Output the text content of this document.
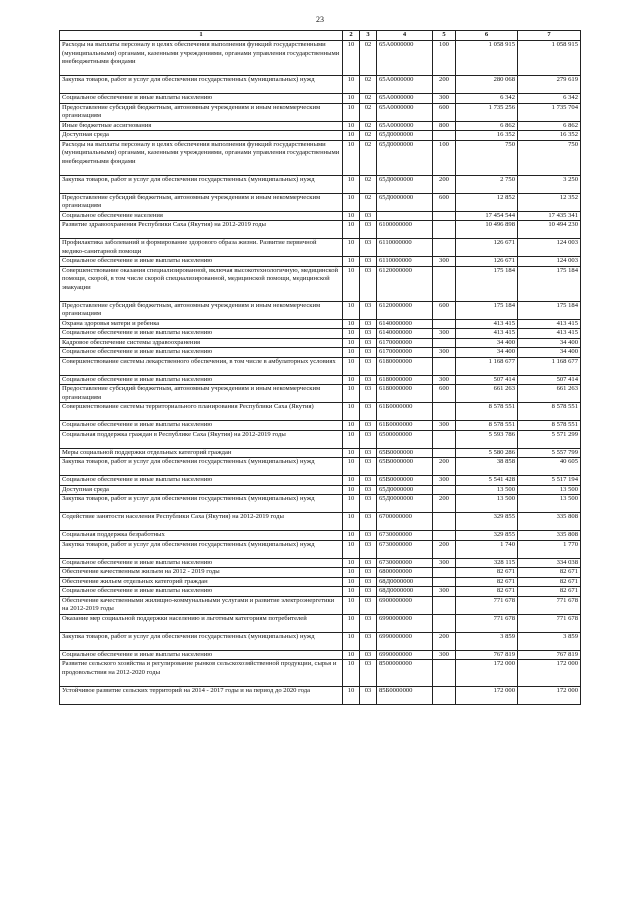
23
1	2	3	4	5	6	7
Расходы на выплаты персоналу в целях обеспечения выполнения функций государственными (муниципальными) органами, казенными учреждениями, органами управления государственными внебюджетными фондами	10	02	65А0000000	100	1 058 915	1 058 915
Закупка товаров, работ и услуг для обеспечения государственных (муниципальных) нужд	10	02	65А0000000	200	280 068	279 619
Социальное обеспечение и иные выплаты населению	10	02	65А0000000	300	6 342	6 342
Предоставление субсидий бюджетным, автономным учреждениям и иным некоммерческим организациям	10	02	65А0000000	600	1 735 256	1 735 704
Иные бюджетные ассигнования	10	02	65А0000000	800	6 862	6 862
Доступная среда	10	02	65Д0000000		16 352	16 352
Расходы на выплаты персоналу в целях обеспечения выполнения функций государственными (муниципальными) органами, казенными учреждениями, органами управления государственными внебюджетными фондами	10	02	65Д0000000	100	750	750
Закупка товаров, работ и услуг для обеспечения государственных (муниципальных) нужд	10	02	65Д0000000	200	2 750	3 250
Предоставление субсидий бюджетным, автономным учреждениям и иным некоммерческим организациям	10	02	65Д0000000	600	12 852	12 352
Социальное обеспечение населения	10	03			17 454 544	17 435 341
Развитие здравоохранения Республики Саха (Якутия) на 2012-2019 годы	10	03	6100000000		10 496 898	10 494 230
Профилактика заболеваний и формирование здорового образа жизни. Развитие первичной медико-санитарной помощи	10	03	6110000000		126 671	124 003
Социальное обеспечение и иные выплаты населению	10	03	6110000000	300	126 671	124 003
Совершенствование оказания специализированной, включая высокотехнологичную, медицинской помощи, скорой, в том числе скорой специализированной, медицинской помощи, медицинской эвакуации	10	03	6120000000		175 184	175 184
Предоставление субсидий бюджетным, автономным учреждениям и иным некоммерческим организациям	10	03	6120000000	600	175 184	175 184
Охрана здоровья матери и ребенка	10	03	6140000000		413 415	413 415
Социальное обеспечение и иные выплаты населению	10	03	6140000000	300	413 415	413 415
Кадровое обеспечение системы здравоохранения	10	03	6170000000		34 400	34 400
Социальное обеспечение и иные выплаты населению	10	03	6170000000	300	34 400	34 400
Совершенствование системы лекарственного обеспечения, в том числе в амбулаторных условиях	10	03	6180000000		1 168 677	1 168 677
Социальное обеспечение и иные выплаты населению	10	03	6180000000	300	507 414	507 414
Предоставление субсидий бюджетным, автономным учреждениям и иным некоммерческим организациям	10	03	6180000000	600	661 263	661 263
Совершенствование системы территориального планирования Республики Саха (Якутия)	10	03	61Б0000000		8 578 551	8 578 551
Социальное обеспечение и иные выплаты населению	10	03	61Б0000000	300	8 578 551	8 578 551
Социальная поддержка граждан в Республике Саха (Якутия) на 2012-2019 годы	10	03	6500000000		5 593 786	5 571 299
Меры социальной поддержки отдельных категорий граждан	10	03	65В0000000		5 580 286	5 557 799
Закупка товаров, работ и услуг для обеспечения государственных (муниципальных) нужд	10	03	65В0000000	200	38 858	40 605
Социальное обеспечение и иные выплаты населению	10	03	65В0000000	300	5 541 428	5 517 194
Доступная среда	10	03	65Д0000000		13 500	13 500
Закупка товаров, работ и услуг для обеспечения государственных (муниципальных) нужд	10	03	65Д0000000	200	13 500	13 500
Содействие занятости населения Республики Саха (Якутия) на 2012-2019 годы	10	03	6700000000		329 855	335 808
Социальная поддержка безработных	10	03	6730000000		329 855	335 808
Закупка товаров, работ и услуг для обеспечения государственных (муниципальных) нужд	10	03	6730000000	200	1 740	1 770
Социальное обеспечение и иные выплаты населению	10	03	6730000000	300	328 115	334 038
Обеспечение качественным жильем на 2012 - 2019 годы	10	03	6800000000		82 671	82 671
Обеспечение жильем отдельных категорий граждан	10	03	68Д0000000		82 671	82 671
Социальное обеспечение и иные выплаты населению	10	03	68Д0000000	300	82 671	82 671
Обеспечение качественными жилищно-коммунальными услугами и развитие электроэнергетики на 2012-2019 годы	10	03	6900000000		771 678	771 678
Оказание мер социальной поддержки населению и льготным категориям потребителей	10	03	6990000000		771 678	771 678
Закупка товаров, работ и услуг для обеспечения государственных (муниципальных) нужд	10	03	6990000000	200	3 859	3 859
Социальное обеспечение и иные выплаты населению	10	03	6990000000	300	767 819	767 819
Развитие сельского хозяйства и регулирование рынков сельскохозяйственной продукции, сырья и продовольствия на 2012-2020 годы	10	03	8500000000		172 000	172 000
Устойчивое развитие сельских территорий на 2014 - 2017 годы и на период до 2020 года	10	03	85Б0000000		172 000	172 000
